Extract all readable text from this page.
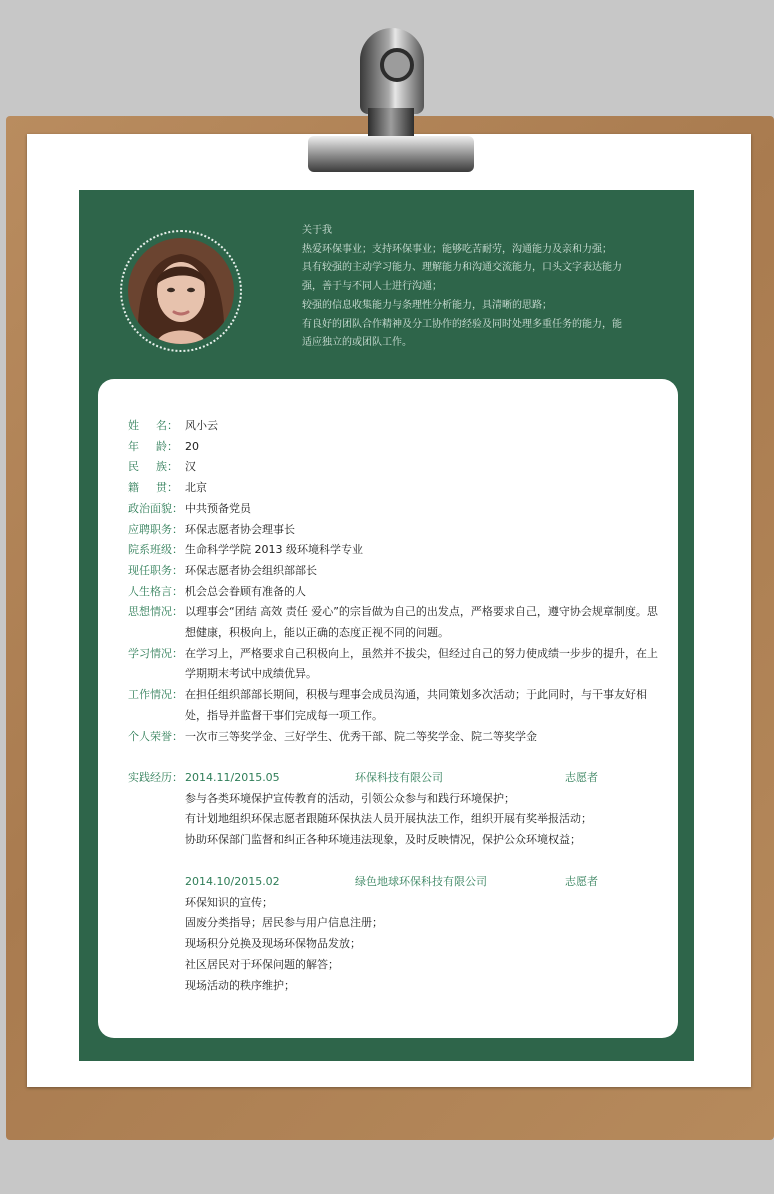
关于我
热爱环保事业；支持环保事业；能够吃苦耐劳，沟通能力及亲和力强；
具有较强的主动学习能力、理解能力和沟通交流能力，口头文字表达能力
强，善于与不同人士进行沟通；
较强的信息收集能力与条理性分析能力，具清晰的思路；
有良好的团队合作精神及分工协作的经验及同时处理多重任务的能力，能
适应独立的或团队工作。
姓 名： 风小云
年 龄： 20
民 族： 汉
籍 贯： 北京
政治面貌： 中共预备党员
应聘职务： 环保志愿者协会理事长
院系班级： 生命科学学院 2013 级环境科学专业
现任职务： 环保志愿者协会组织部部长
人生格言： 机会总会眷顾有准备的人
思想情况： 以理事会“团结 高效 责任 爱心”的宗旨做为自己的出发点，严格要求自己，遵守协会规章制度。思想健康，积极向上，能以正确的态度正视不同的问题。
学习情况： 在学习上，严格要求自己积极向上，虽然并不拔尖，但经过自己的努力使成绩一步步的提升，在上学期期末考试中成绩优异。
工作情况： 在担任组织部部长期间，积极与理事会成员沟通，共同策划多次活动；于此同时，与干事友好相处，指导并监督干事们完成每一项工作。
个人荣誉： 一次市三等奖学金、三好学生、优秀干部、院二等奖学金、院二等奖学金
实践经历： 2014.11/2015.05	环保科技有限公司	志愿者
参与各类环境保护宣传教育的活动，引领公众参与和践行环境保护；
有计划地组织环保志愿者跟随环保执法人员开展执法工作，组织开展有奖举报活动；
协助环保部门监督和纠正各种环境违法现象，及时反映情况，保护公众环境权益；
2014.10/2015.02	绿色地球环保科技有限公司	志愿者
环保知识的宣传；
固废分类指导；居民参与用户信息注册；
现场积分兑换及现场环保物品发放；
社区居民对于环保问题的解答；
现场活动的秩序维护；
